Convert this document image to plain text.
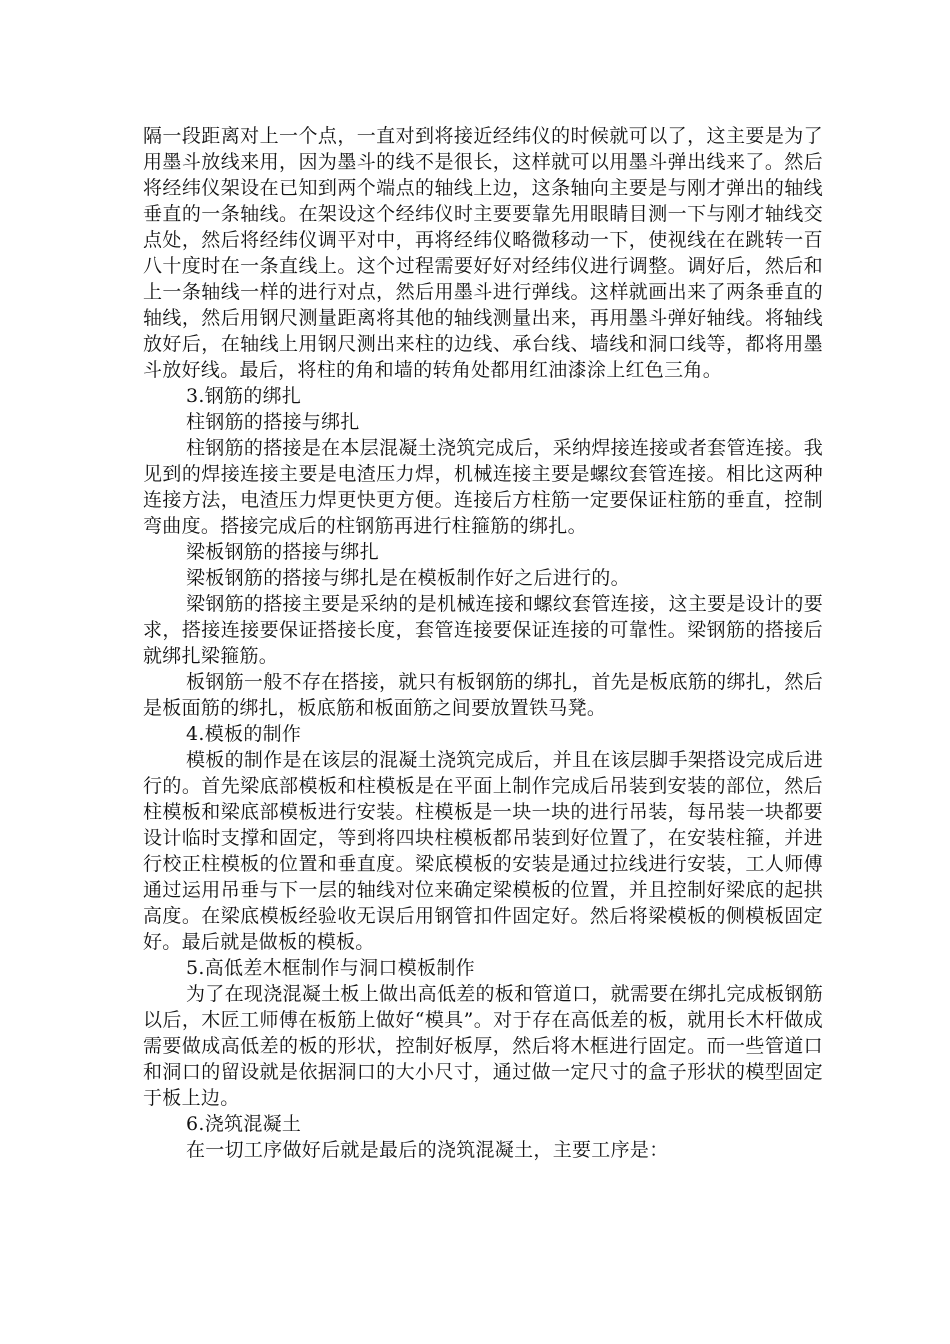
隔一段距离对上一个点，一直对到将接近经纬仪的时候就可以了，这主要是为了用墨斗放线来用，因为墨斗的线不是很长，这样就可以用墨斗弹出线来了。然后将经纬仪架设在已知到两个端点的轴线上边，这条轴向主要是与刚才弹出的轴线垂直的一条轴线。在架设这个经纬仪时主要要靠先用眼睛目测一下与刚才轴线交点处，然后将经纬仪调平对中，再将经纬仪略微移动一下，使视线在在跳转一百八十度时在一条直线上。这个过程需要好好对经纬仪进行调整。调好后，然后和上一条轴线一样的进行对点，然后用墨斗进行弹线。这样就画出来了两条垂直的轴线，然后用钢尺测量距离将其他的轴线测量出来，再用墨斗弹好轴线。将轴线放好后，在轴线上用钢尺测出来柱的边线、承台线、墙线和洞口线等，都将用墨斗放好线。最后，将柱的角和墙的转角处都用红油漆涂上红色三角。

3.钢筋的绑扎

柱钢筋的搭接与绑扎

柱钢筋的搭接是在本层混凝土浇筑完成后，采纳焊接连接或者套管连接。我见到的焊接连接主要是电渣压力焊，机械连接主要是螺纹套管连接。相比这两种连接方法，电渣压力焊更快更方便。连接后方柱筋一定要保证柱筋的垂直，控制弯曲度。搭接完成后的柱钢筋再进行柱箍筋的绑扎。

梁板钢筋的搭接与绑扎

梁板钢筋的搭接与绑扎是在模板制作好之后进行的。

梁钢筋的搭接主要是采纳的是机械连接和螺纹套管连接，这主要是设计的要求，搭接连接要保证搭接长度，套管连接要保证连接的可靠性。梁钢筋的搭接后就绑扎梁箍筋。

板钢筋一般不存在搭接，就只有板钢筋的绑扎，首先是板底筋的绑扎，然后是板面筋的绑扎，板底筋和板面筋之间要放置铁马凳。

4.模板的制作

模板的制作是在该层的混凝土浇筑完成后，并且在该层脚手架搭设完成后进行的。首先梁底部模板和柱模板是在平面上制作完成后吊装到安装的部位，然后柱模板和梁底部模板进行安装。柱模板是一块一块的进行吊装，每吊装一块都要设计临时支撑和固定，等到将四块柱模板都吊装到好位置了，在安装柱箍，并进行校正柱模板的位置和垂直度。梁底模板的安装是通过拉线进行安装，工人师傅通过运用吊垂与下一层的轴线对位来确定梁模板的位置，并且控制好梁底的起拱高度。在梁底模板经验收无误后用钢管扣件固定好。然后将梁模板的侧模板固定好。最后就是做板的模板。

5.高低差木框制作与洞口模板制作

为了在现浇混凝土板上做出高低差的板和管道口，就需要在绑扎完成板钢筋以后，木匠工师傅在板筋上做好“模具”。对于存在高低差的板，就用长木杆做成需要做成高低差的板的形状，控制好板厚，然后将木框进行固定。而一些管道口和洞口的留设就是依据洞口的大小尺寸，通过做一定尺寸的盒子形状的模型固定于板上边。

6.浇筑混凝土

在一切工序做好后就是最后的浇筑混凝土，主要工序是：
